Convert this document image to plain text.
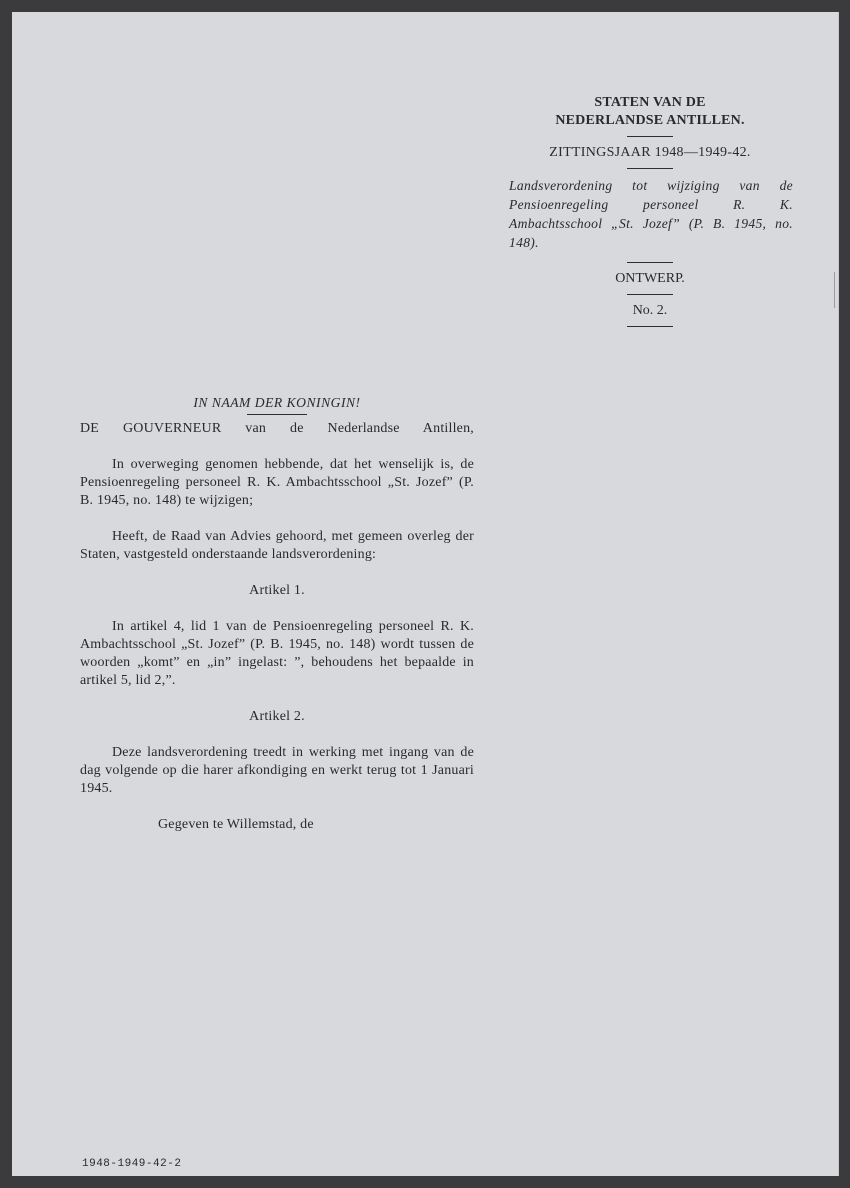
STATEN VAN DE
NEDERLANDSE ANTILLEN.
ZITTINGSJAAR 1948—1949-42.
Landsverordening tot wijziging van de Pensioenregeling personeel R. K. Ambachtsschool „St. Jozef” (P. B. 1945, no. 148).
ONTWERP.
No. 2.
IN NAAM DER KONINGIN!

DE GOUVERNEUR van de Nederlandse Antillen,

In overweging genomen hebbende, dat het wenselijk is, de Pensioenregeling personeel R. K. Ambachtsschool „St. Jozef” (P. B. 1945, no. 148) te wijzigen;

Heeft, de Raad van Advies gehoord, met gemeen overleg der Staten, vastgesteld onderstaande landsverordening:

Artikel 1.

In artikel 4, lid 1 van de Pensioenregeling personeel R. K. Ambachtsschool „St. Jozef” (P. B. 1945, no. 148) wordt tussen de woorden „komt” en „in” ingelast: ”, behoudens het bepaalde in artikel 5, lid 2,”.

Artikel 2.

Deze landsverordening treedt in werking met ingang van de dag volgende op die harer afkondiging en werkt terug tot 1 Januari 1945.

Gegeven te Willemstad, de

1948-1949-42-2
